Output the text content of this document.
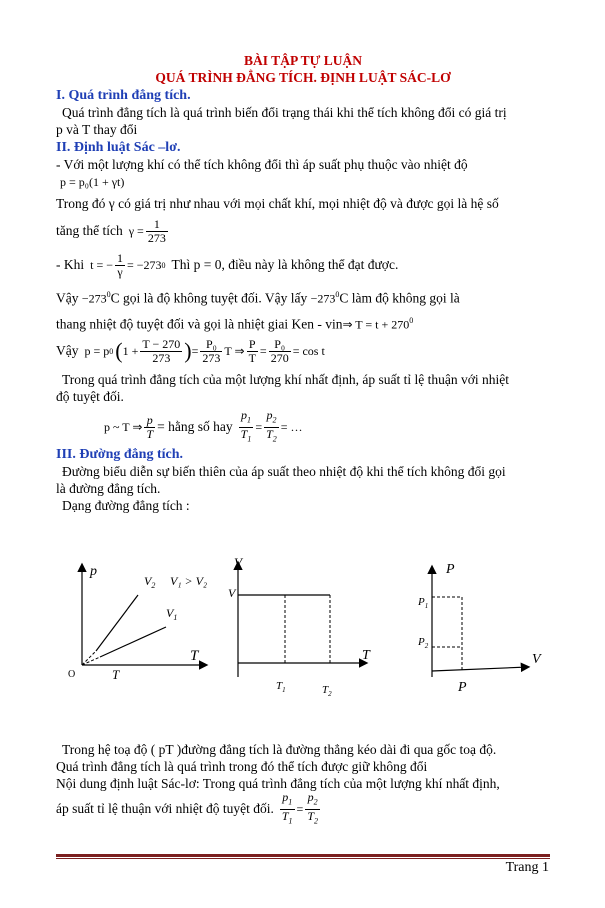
BÀI TẬP TỰ LUẬN
QUÁ TRÌNH ĐẲNG TÍCH. ĐỊNH LUẬT SÁC-LƠ
I. Quá trình đẳng tích.

Quá trình đẳng tích là quá trình biến đổi trạng thái khi thể tích không đổi có giá trị

p và T thay đổi

II. Định luật Sác –lơ.

- Với một lượng khí có thể tích không đổi thì áp suất phụ thuộc vào nhiệt độ

p = p₀(1 + γt)

Trong đó γ có giá trị như nhau với mọi chất khí, mọi nhiệt độ và được gọi là hệ số

tăng thể tích $\gamma = \frac{1}{273}$
- Khi t = − $\frac{1}{\gamma} = -273$ 0 Thì p = 0, điều này là không thể đạt được.

Vậy $-273^0C$ gọi là độ không tuyệt đối. Vậy lấy $-273^0C$ làm độ không gọi là

thang nhiệt độ tuyệt đối và gọi là nhiệt giai Ken - vin⇒ $T = t + 270^0$

Vậy p = p 0 ( $1 + \frac{T - 270}{273}$ ) = $\frac{\text{P₀}}{273}$ T ⇒ $\frac{P}{T} = \frac{\text{P₀}}{270} = \cos t$

Trong quá trình đẳng tích của một lượng khí nhất định, áp suất tỉ lệ thuận với nhiệt

độ tuyệt đối.

p ~ T ⇒ $\frac{p}{T}$ = hằng số hay $\frac{p_1}{T_1} = \frac{p_2}{T_2}$ = …
III. Đường đẳng tích.

Đường biểu diễn sự biến thiên của áp suất theo nhiệt độ khi thể tích không đổi gọi

là đường đẳng tích.

Dạng đường đẳng tích :

p
$V_2$ V₁ > V₂
$V_1$
T
O	T
V
V
T
$T_1$	$T_2$
P
$P_1$
$P_2$
V
P

Trong hệ toạ độ ( pT )đường đẳng tích là đường thẳng kéo dài đi qua gốc toạ độ.

Quá trình đẳng tích là quá trình trong đó thể tích được giữ không đổi

Nội dung định luật Sác-lơ: Trong quá trình đẳng tích của một lượng khí nhất định,

áp suất tỉ lệ thuận với nhiệt độ tuyệt đối. $\frac{p_1}{T_1} = \frac{p_2}{T_2}$
Trang 1
